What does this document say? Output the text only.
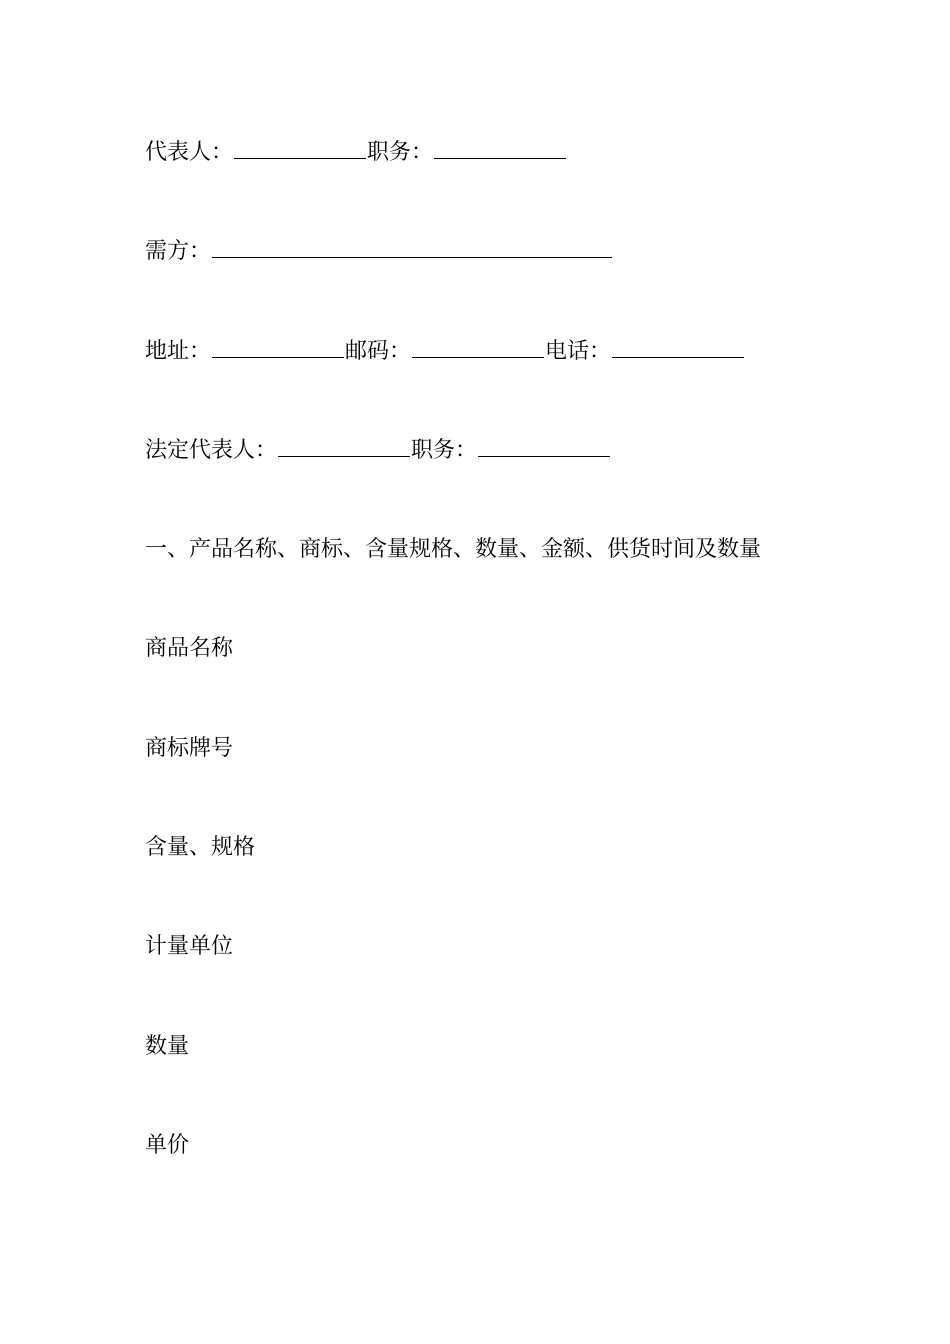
代表人：	职务：
需方：
地址：	邮码：	电话：
法定代表人：	职务：
一、产品名称、商标、含量规格、数量、金额、供货时间及数量
商品名称
商标牌号
含量、规格
计量单位
数量
单价
